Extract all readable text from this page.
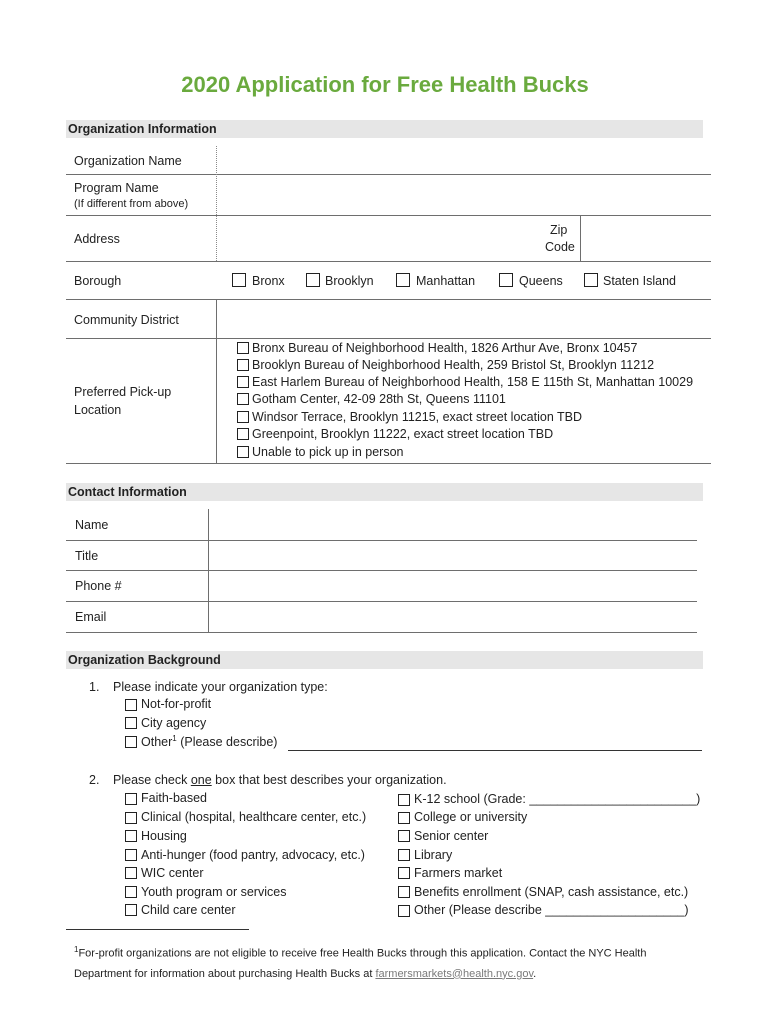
2020 Application for Free Health Bucks
Organization Information
Organization Name
Program Name
(If different from above)
Address
Zip
Code
Borough	Bronx	Brooklyn	Manhattan	Queens	Staten Island
Community District
Preferred Pick-up
Location
Bronx Bureau of Neighborhood Health, 1826 Arthur Ave, Bronx 10457
Brooklyn Bureau of Neighborhood Health, 259 Bristol St, Brooklyn 11212
East Harlem Bureau of Neighborhood Health, 158 E 115th St, Manhattan 10029
Gotham Center, 42-09 28th St, Queens 11101
Windsor Terrace, Brooklyn 11215, exact street location TBD
Greenpoint, Brooklyn 11222, exact street location TBD
Unable to pick up in person
Contact Information
Name
Title
Phone #
Email
Organization Background
1. Please indicate your organization type:
Not-for-profit
City agency
Other$^1$ (Please describe)
2. Please check one box that best describes your organization.
Faith-based
Clinical (hospital, healthcare center, etc.)
Housing
Anti-hunger (food pantry, advocacy, etc.)
WIC center
Youth program or services
Child care center
K-12 school (Grade: ________________________)
College or university
Senior center
Library
Farmers market
Benefits enrollment (SNAP, cash assistance, etc.)
Other (Please describe ____________________)
$^1$For-profit organizations are not eligible to receive free Health Bucks through this application. Contact the NYC Health
Department for information about purchasing Health Bucks at farmersmarkets@health.nyc.gov.
